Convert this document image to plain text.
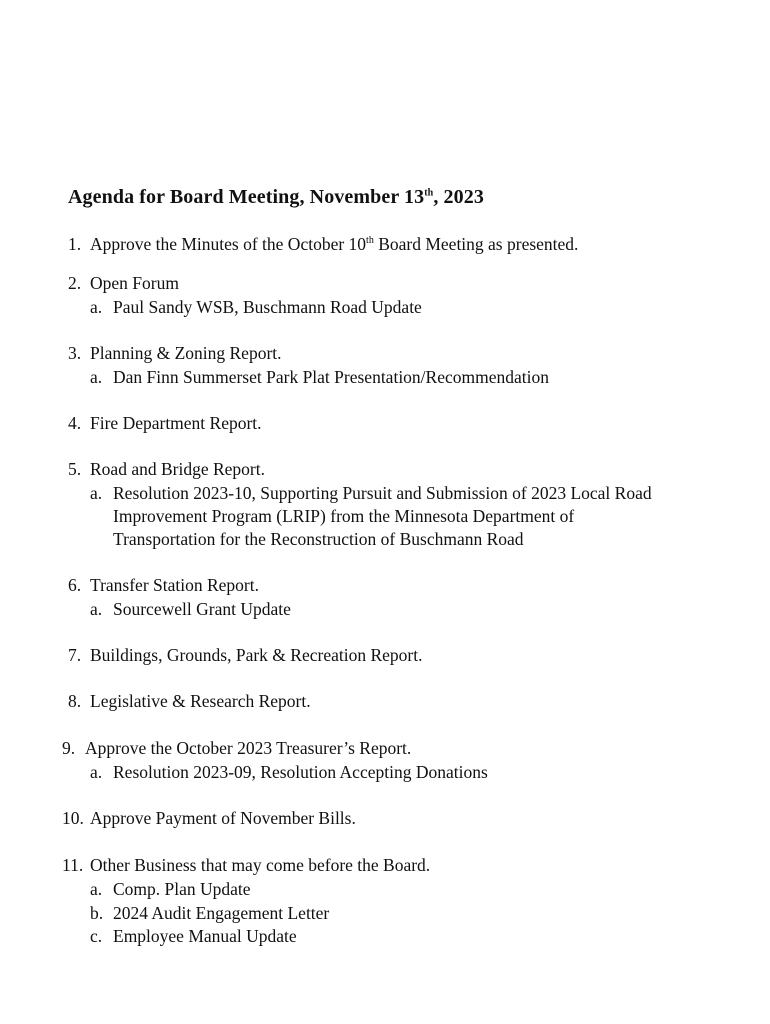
Agenda for Board Meeting, November 13th, 2023
1. Approve the Minutes of the October 10th Board Meeting as presented.
2. Open Forum
a. Paul Sandy WSB, Buschmann Road Update
3. Planning & Zoning Report.
a. Dan Finn Summerset Park Plat Presentation/Recommendation
4. Fire Department Report.
5. Road and Bridge Report.
a. Resolution 2023-10, Supporting Pursuit and Submission of 2023 Local Road
Improvement Program (LRIP) from the Minnesota Department of
Transportation for the Reconstruction of Buschmann Road
6. Transfer Station Report.
a. Sourcewell Grant Update
7. Buildings, Grounds, Park & Recreation Report.
8. Legislative & Research Report.
9. Approve the October 2023 Treasurer’s Report.
a. Resolution 2023-09, Resolution Accepting Donations
10. Approve Payment of November Bills.
11. Other Business that may come before the Board.
a. Comp. Plan Update
b. 2024 Audit Engagement Letter
c. Employee Manual Update
